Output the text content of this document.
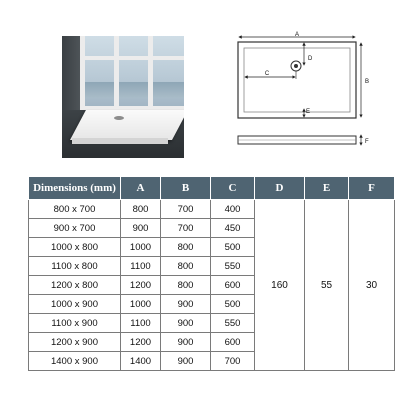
A
B
C
D
E
F
Dimensions (mm)	A	B	C	D	E	F
800 x 700	800	700	400	160	55	30
900 x 700	900	700	450			
1000 x 800	1000	800	500			
1100 x 800	1100	800	550			
1200 x 800	1200	800	600			
1000 x 900	1000	900	500			
1100 x 900	1100	900	550			
1200 x 900	1200	900	600			
1400 x 900	1400	900	700			
